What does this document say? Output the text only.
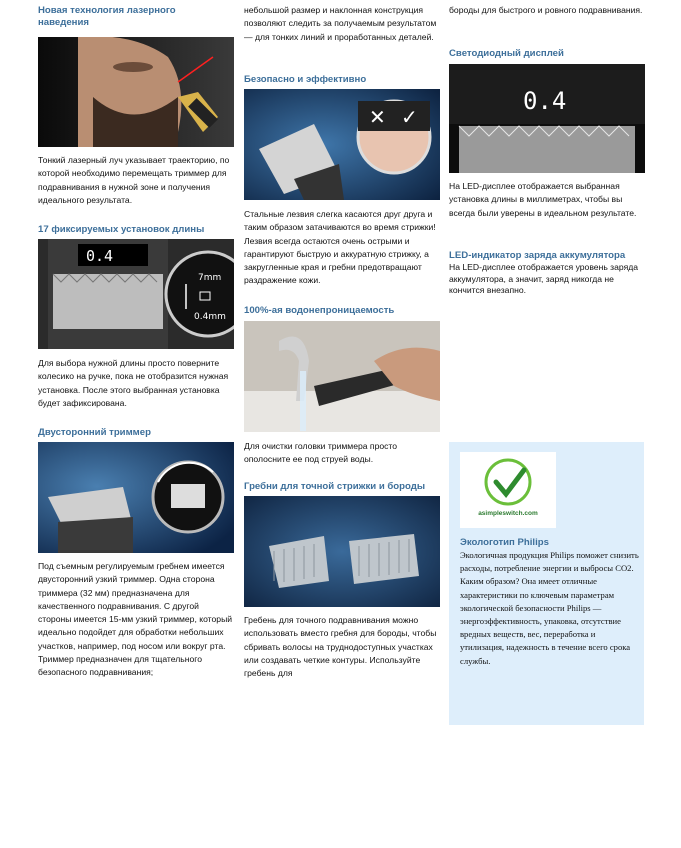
Новая технология лазерного наведения

Тонкий лазерный луч указывает траекторию, по которой необходимо перемещать триммер для подравнивания в нужной зоне и получения идеального результата.

17 фиксируемых установок длины

0.4
7mm
0.4mm

Для выбора нужной длины просто поверните колесико на ручке, пока не отобразится нужная установка. После этого выбранная установка будет зафиксирована.

Двусторонний триммер

Под съемным регулируемым гребнем имеется двусторонний узкий триммер. Одна сторона триммера (32 мм) предназначена для качественного подравнивания. С другой стороны имеется 15-мм узкий триммер, который идеально подойдет для обработки небольших участков, например, под носом или вокруг рта. Триммер предназначен для тщательного безопасного подравнивания;

небольшой размер и наклонная конструкция позволяют следить за получаемым результатом — для тонких линий и проработанных деталей.

Безопасно и эффективно

✕ ✓

Стальные лезвия слегка касаются друг друга и таким образом затачиваются во время стрижки! Лезвия всегда остаются очень острыми и гарантируют быструю и аккуратную стрижку, а закругленные края и гребни предотвращают раздражение кожи.

100%-ая водонепроницаемость

Для очистки головки триммера просто ополосните ее под струей воды.

Гребни для точной стрижки и бороды

Гребень для точного подравнивания можно использовать вместо гребня для бороды, чтобы сбривать волосы на труднодоступных участках или создавать четкие контуры. Используйте гребень для

бороды для быстрого и ровного подравнивания.

Светодиодный дисплей

0.4

На LED-дисплее отображается выбранная установка длины в миллиметрах, чтобы вы всегда были уверены в идеальном результате.

LED-индикатор заряда аккумулятора

На LED-дисплее отображается уровень заряда аккумулятора, а значит, заряд никогда не кончится внезапно.

asimpleswitch.com
Экологотип Philips
Экологичная продукция Philips поможет снизить расходы, потребление энергии и выбросы CO2. Каким образом? Она имеет отличные характеристики по ключевым параметрам экологической безопасности Philips — энергоэффективность, упаковка, отсутствие вредных веществ, вес, переработка и утилизация, надежность в течение всего срока службы.
